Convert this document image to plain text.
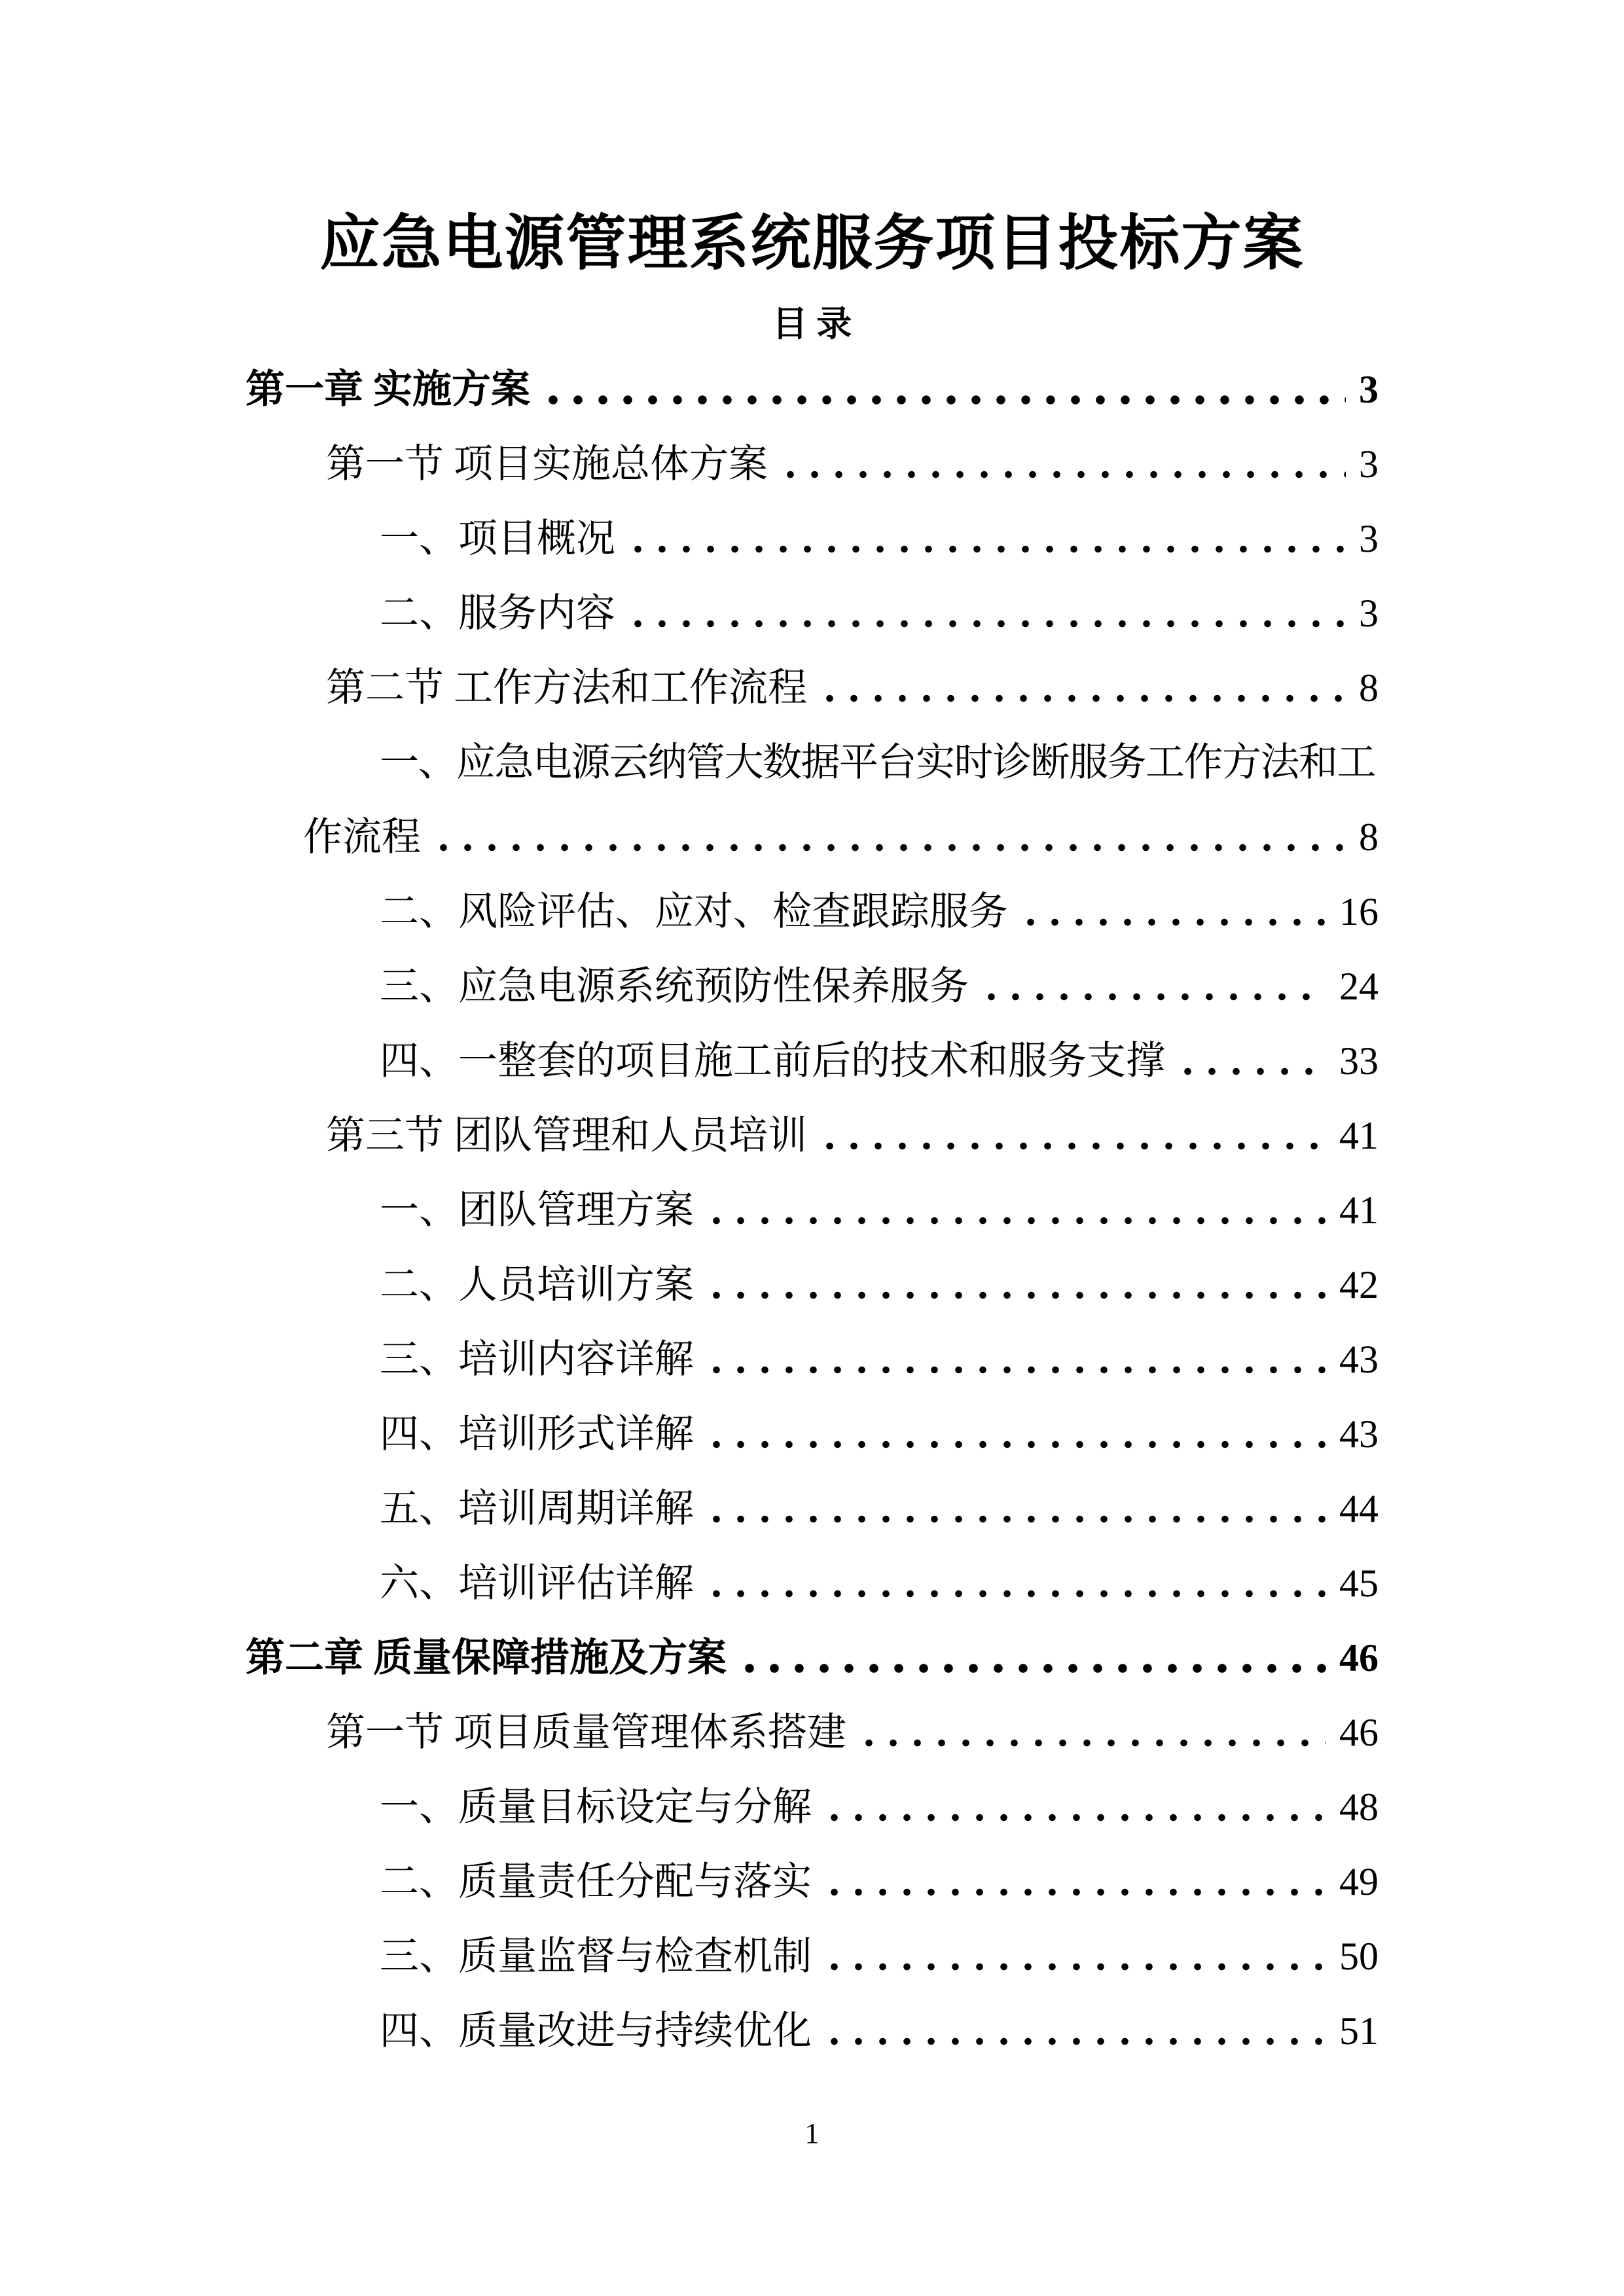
应急电源管理系统服务项目投标方案
目 录
第一章 实施方案	3
第一节 项目实施总体方案	3
一、项目概况	3
二、服务内容	3
第二节 工作方法和工作流程	8
一、应急电源云纳管大数据平台实时诊断服务工作方法和工
作流程	8
二、风险评估、应对、检查跟踪服务	16
三、应急电源系统预防性保养服务	24
四、一整套的项目施工前后的技术和服务支撑	33
第三节 团队管理和人员培训	41
一、团队管理方案	41
二、人员培训方案	42
三、培训内容详解	43
四、培训形式详解	43
五、培训周期详解	44
六、培训评估详解	45
第二章 质量保障措施及方案	46
第一节 项目质量管理体系搭建	46
一、质量目标设定与分解	48
二、质量责任分配与落实	49
三、质量监督与检查机制	50
四、质量改进与持续优化	51
1
